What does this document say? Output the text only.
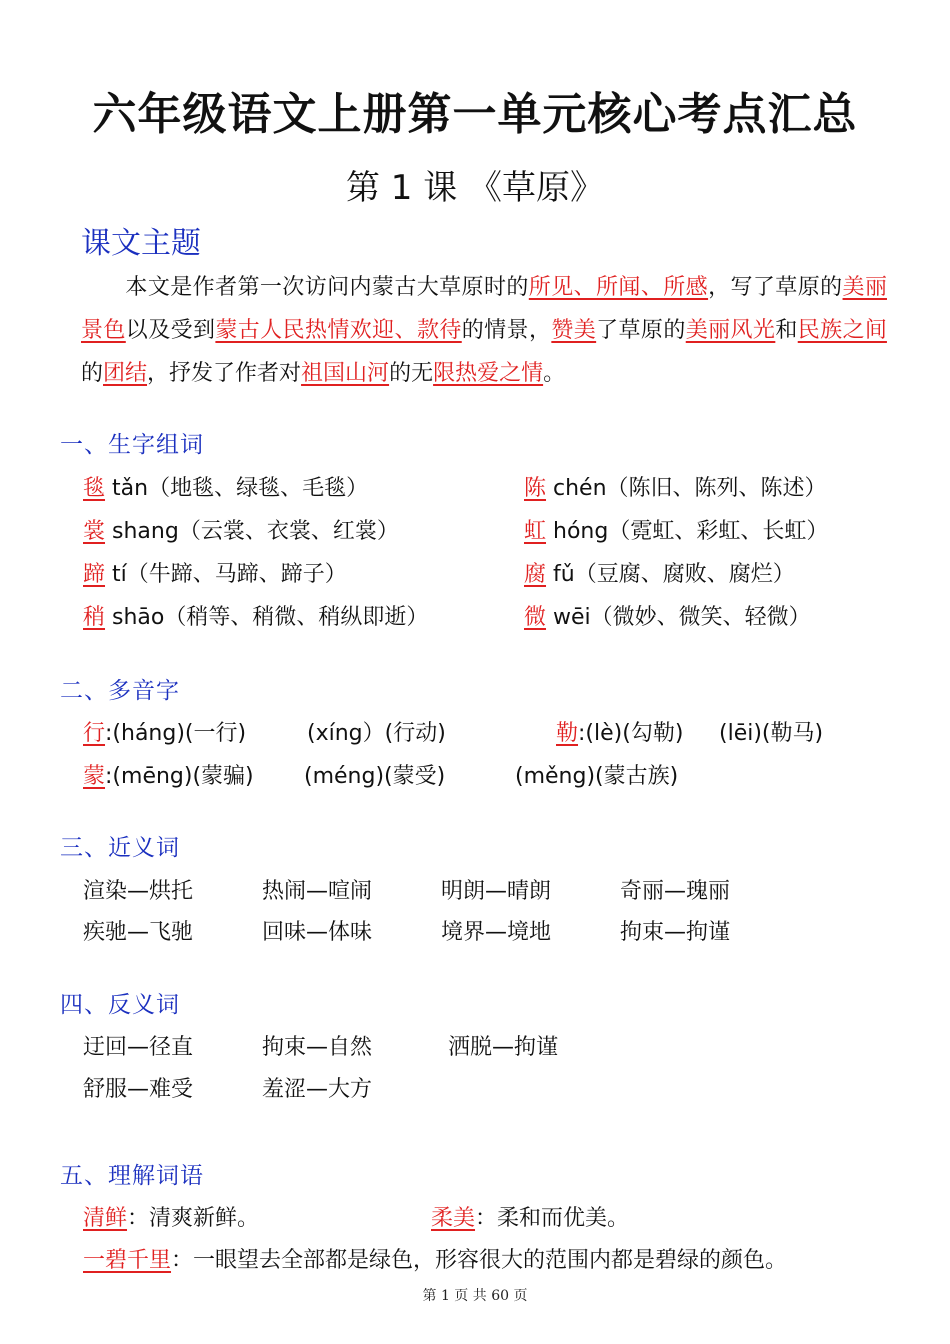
六年级语文上册第一单元核心考点汇总
第 1 课 《草原》
课文主题
本文是作者第一次访问内蒙古大草原时的所见、所闻、所感，写了草原的美丽景色以及受到蒙古人民热情欢迎、款待的情景，赞美了草原的美丽风光和民族之间的团结，抒发了作者对祖国山河的无限热爱之情。
一、生字组词
毯 tǎn（地毯、绿毯、毛毯）	陈 chén（陈旧、陈列、陈述）
裳 shang（云裳、衣裳、红裳）	虹 hóng（霓虹、彩虹、长虹）
蹄 tí（牛蹄、马蹄、蹄子）	腐 fǔ（豆腐、腐败、腐烂）
稍 shāo（稍等、稍微、稍纵即逝）	微 wēi（微妙、微笑、轻微）
二、多音字
行:(háng)(一行)	(xíng）(行动)	勒:(lè)(勾勒) (lēi)(勒马)
蒙:(mēng)(蒙骗) (méng)(蒙受)	(měng)(蒙古族)
三、近义词
渲染—烘托	热闹—喧闹	明朗—晴朗	奇丽—瑰丽
疾驰—飞驰	回味—体味	境界—境地	拘束—拘谨
四、反义词
迂回—径直	拘束—自然	洒脱—拘谨
舒服—难受	羞涩—大方
五、理解词语
清鲜：清爽新鲜。	柔美：柔和而优美。
一碧千里：一眼望去全部都是绿色，形容很大的范围内都是碧绿的颜色。
第 1 页 共 60 页
